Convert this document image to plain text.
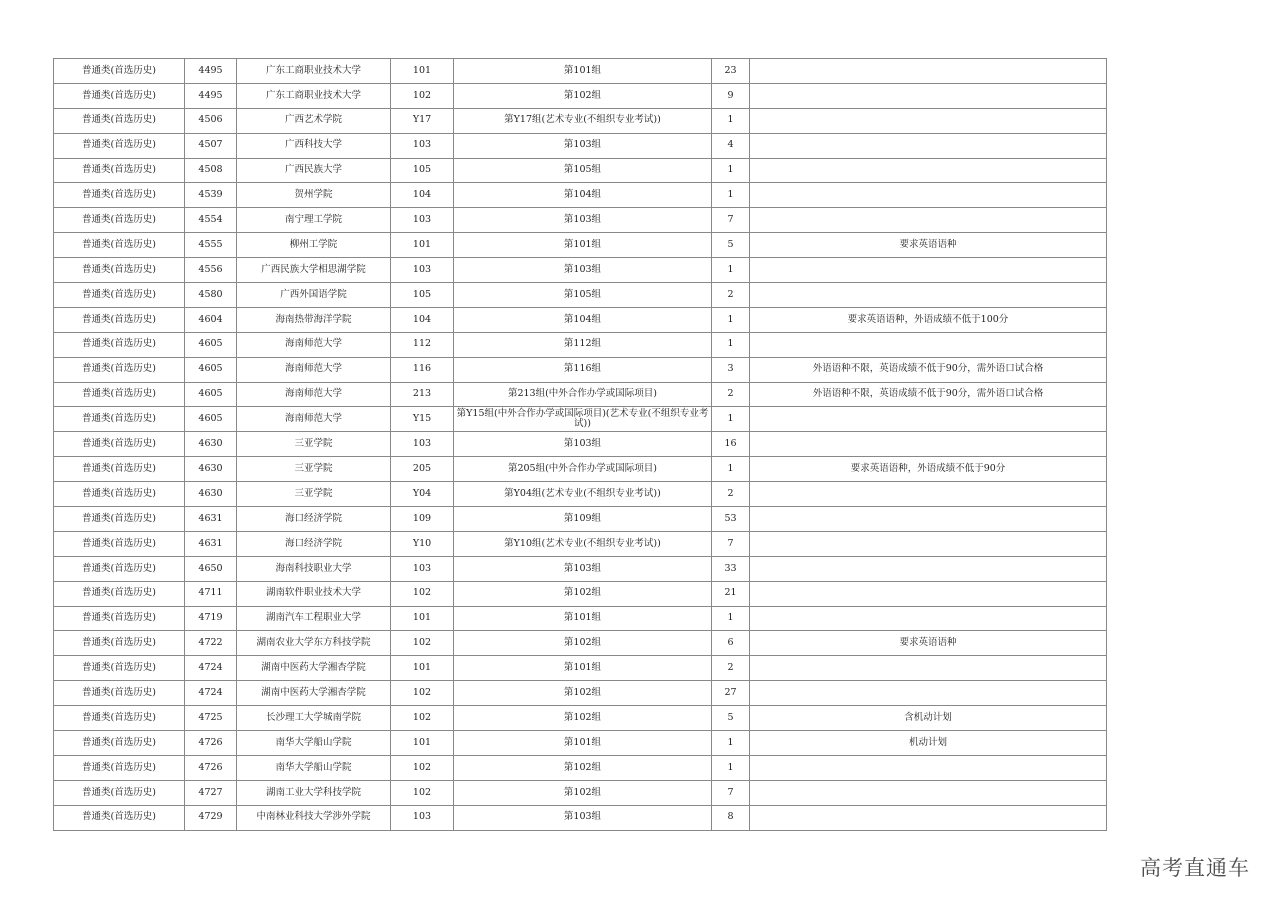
普通类(首选历史)	4495	广东工商职业技术大学	101	第101组	23	
普通类(首选历史)	4495	广东工商职业技术大学	102	第102组	9	
普通类(首选历史)	4506	广西艺术学院	Y17	第Y17组(艺术专业(不组织专业考试))	1	
普通类(首选历史)	4507	广西科技大学	103	第103组	4	
普通类(首选历史)	4508	广西民族大学	105	第105组	1	
普通类(首选历史)	4539	贺州学院	104	第104组	1	
普通类(首选历史)	4554	南宁理工学院	103	第103组	7	
普通类(首选历史)	4555	柳州工学院	101	第101组	5	要求英语语种
普通类(首选历史)	4556	广西民族大学相思湖学院	103	第103组	1	
普通类(首选历史)	4580	广西外国语学院	105	第105组	2	
普通类(首选历史)	4604	海南热带海洋学院	104	第104组	1	要求英语语种，外语成绩不低于100分
普通类(首选历史)	4605	海南师范大学	112	第112组	1	
普通类(首选历史)	4605	海南师范大学	116	第116组	3	外语语种不限，英语成绩不低于90分，需外语口试合格
普通类(首选历史)	4605	海南师范大学	213	第213组(中外合作办学或国际项目)	2	外语语种不限，英语成绩不低于90分，需外语口试合格
普通类(首选历史)	4605	海南师范大学	Y15	第Y15组(中外合作办学或国际项目)(艺术专业(不组织专业考试))	1	
普通类(首选历史)	4630	三亚学院	103	第103组	16	
普通类(首选历史)	4630	三亚学院	205	第205组(中外合作办学或国际项目)	1	要求英语语种，外语成绩不低于90分
普通类(首选历史)	4630	三亚学院	Y04	第Y04组(艺术专业(不组织专业考试))	2	
普通类(首选历史)	4631	海口经济学院	109	第109组	53	
普通类(首选历史)	4631	海口经济学院	Y10	第Y10组(艺术专业(不组织专业考试))	7	
普通类(首选历史)	4650	海南科技职业大学	103	第103组	33	
普通类(首选历史)	4711	湖南软件职业技术大学	102	第102组	21	
普通类(首选历史)	4719	湖南汽车工程职业大学	101	第101组	1	
普通类(首选历史)	4722	湖南农业大学东方科技学院	102	第102组	6	要求英语语种
普通类(首选历史)	4724	湖南中医药大学湘杏学院	101	第101组	2	
普通类(首选历史)	4724	湖南中医药大学湘杏学院	102	第102组	27	
普通类(首选历史)	4725	长沙理工大学城南学院	102	第102组	5	含机动计划
普通类(首选历史)	4726	南华大学船山学院	101	第101组	1	机动计划
普通类(首选历史)	4726	南华大学船山学院	102	第102组	1	
普通类(首选历史)	4727	湖南工业大学科技学院	102	第102组	7	
普通类(首选历史)	4729	中南林业科技大学涉外学院	103	第103组	8	
高考直通车
